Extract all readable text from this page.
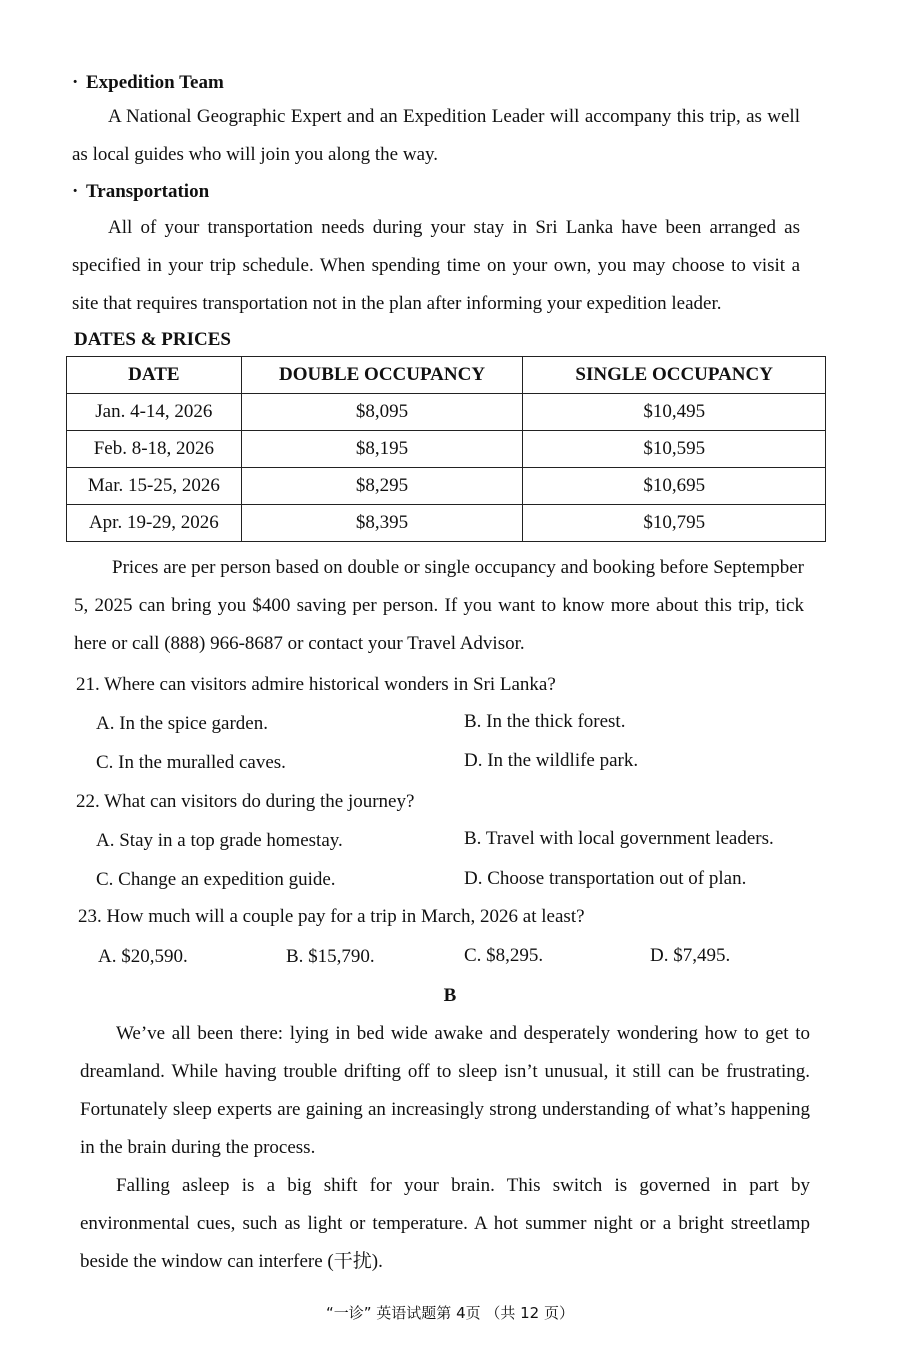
· Expedition Team
A National Geographic Expert and an Expedition Leader will accompany this trip, as well as local guides who will join you along the way.
· Transportation
All of your transportation needs during your stay in Sri Lanka have been arranged as specified in your trip schedule. When spending time on your own, you may choose to visit a site that requires transportation not in the plan after informing your expedition leader.
DATES & PRICES
DATE	DOUBLE OCCUPANCY	SINGLE OCCUPANCY
Jan. 4-14, 2026	$8,095	$10,495
Feb. 8-18, 2026	$8,195	$10,595
Mar. 15-25, 2026	$8,295	$10,695
Apr. 19-29, 2026	$8,395	$10,795
Prices are per person based on double or single occupancy and booking before Septempber 5, 2025 can bring you $400 saving per person. If you want to know more about this trip, tick here or call (888) 966-8687 or contact your Travel Advisor.
21. Where can visitors admire historical wonders in Sri Lanka?
A. In the spice garden.	B. In the thick forest.
C. In the muralled caves.	D. In the wildlife park.
22. What can visitors do during the journey?
A. Stay in a top grade homestay.	B. Travel with local government leaders.
C. Change an expedition guide.	D. Choose transportation out of plan.
23. How much will a couple pay for a trip in March, 2026 at least?
A. $20,590.	B. $15,790.	C. $8,295.	D. $7,495.
B
We’ve all been there: lying in bed wide awake and desperately wondering how to get to dreamland. While having trouble drifting off to sleep isn’t unusual, it still can be frustrating. Fortunately sleep experts are gaining an increasingly strong understanding of what’s happening in the brain during the process.
Falling asleep is a big shift for your brain. This switch is governed in part by environmental cues, such as light or temperature. A hot summer night or a bright streetlamp beside the window can interfere (干扰).
“一诊” 英语试题第 4页 （共 12 页）
